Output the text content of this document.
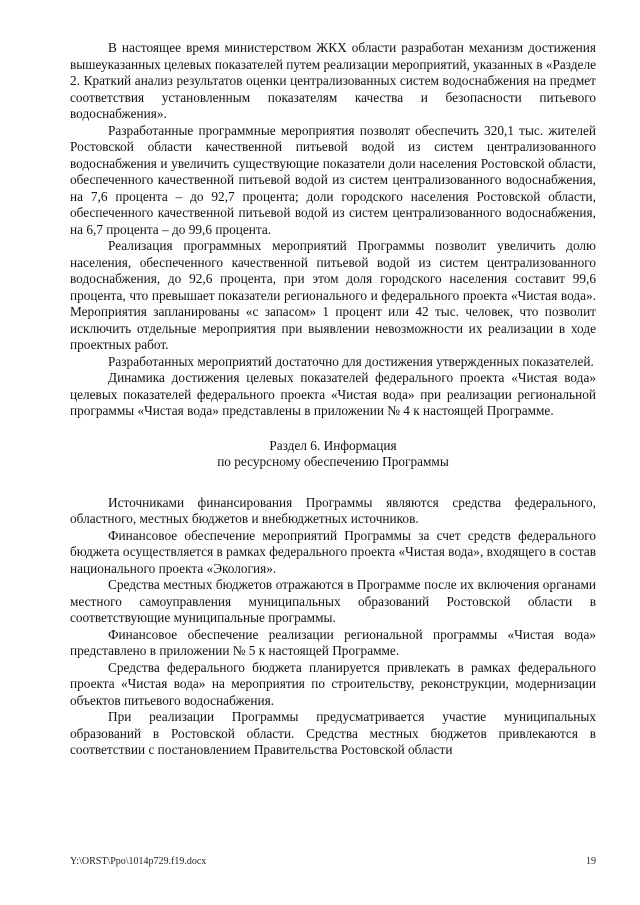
В настоящее время министерством ЖКХ области разработан механизм достижения вышеуказанных целевых показателей путем реализации мероприятий, указанных в «Разделе 2. Краткий анализ результатов оценки централизованных систем водоснабжения на предмет соответствия установленным показателям качества и безопасности питьевого водоснабжения».

Разработанные программные мероприятия позволят обеспечить 320,1 тыс. жителей Ростовской области качественной питьевой водой из систем централизованного водоснабжения и увеличить существующие показатели доли населения Ростовской области, обеспеченного качественной питьевой водой из систем централизованного водоснабжения, на 7,6 процента – до 92,7 процента; доли городского населения Ростовской области, обеспеченного качественной питьевой водой из систем централизованного водоснабжения, на 6,7 процента – до 99,6 процента.

Реализация программных мероприятий Программы позволит увеличить долю населения, обеспеченного качественной питьевой водой из систем централизованного водоснабжения, до 92,6 процента, при этом доля городского населения составит 99,6 процента, что превышает показатели регионального и федерального проекта «Чистая вода». Мероприятия запланированы «с запасом» 1 процент или 42 тыс. человек, что позволит исключить отдельные мероприятия при выявлении невозможности их реализации в ходе проектных работ.

Разработанных мероприятий достаточно для достижения утвержденных показателей.

Динамика достижения целевых показателей федерального проекта «Чистая вода» целевых показателей федерального проекта «Чистая вода» при реализации региональной программы «Чистая вода» представлены в приложении № 4 к настоящей Программе.

Раздел 6. Информация
по ресурсному обеспечению Программы

Источниками финансирования Программы являются средства федерального, областного, местных бюджетов и внебюджетных источников.

Финансовое обеспечение мероприятий Программы за счет средств федерального бюджета осуществляется в рамках федерального проекта «Чистая вода», входящего в состав национального проекта «Экология».

Средства местных бюджетов отражаются в Программе после их включения органами местного самоуправления муниципальных образований Ростовской области в соответствующие муниципальные программы.

Финансовое обеспечение реализации региональной программы «Чистая вода» представлено в приложении № 5 к настоящей Программе.

Средства федерального бюджета планируется привлекать в рамках федерального проекта «Чистая вода» на мероприятия по строительству, реконструкции, модернизации объектов питьевого водоснабжения.

При реализации Программы предусматривается участие муниципальных образований в Ростовской области. Средства местных бюджетов привлекаются в соответствии с постановлением Правительства Ростовской области

Y:\ORST\Ppo\1014p729.f19.docx	19
